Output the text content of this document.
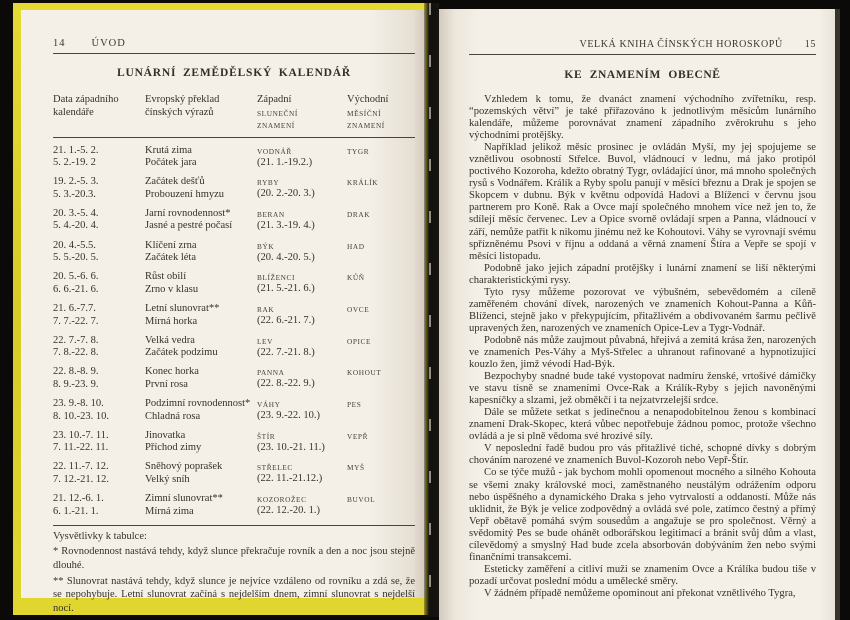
14 ÚVOD
LUNÁRNÍ ZEMĚDĚLSKÝ KALENDÁŘ
Data západního
kalendáře
Evropský překlad
čínských výrazů
Západní
SLUNEČNÍ
ZNAMENÍ
Východní
MĚSÍČNÍ
ZNAMENÍ
21. 1.-5. 2.
5. 2.-19. 2
Krutá zima
Počátek jara
VODNÁŘ
(21. 1.-19.2.)
TYGR
19. 2.-5. 3.
5. 3.-20.3.
Začátek dešťů
Probouzení hmyzu
RYBY
(20. 2.-20. 3.)
KRÁLÍK
20. 3.-5. 4.
5. 4.-20. 4.
Jarní rovnodennost*
Jasné a pestré počasí
BERAN
(21. 3.-19. 4.)
DRAK
20. 4.-5.5.
5. 5.-20. 5.
Klíčení zrna
Začátek léta
BÝK
(20. 4.-20. 5.)
HAD
20. 5.-6. 6.
6. 6.-21. 6.
Růst obilí
Zrno v klasu
BLÍŽENCI
(21. 5.-21. 6.)
KŮŇ
21. 6.-7.7.
7. 7.-22. 7.
Letní slunovrat**
Mírná horka
RAK
(22. 6.-21. 7.)
OVCE
22. 7.-7. 8.
7. 8.-22. 8.
Velká vedra
Začátek podzimu
LEV
(22. 7.-21. 8.)
OPICE
22. 8.-8. 9.
8. 9.-23. 9.
Konec horka
První rosa
PANNA
(22. 8.-22. 9.)
KOHOUT
23. 9.-8. 10.
8. 10.-23. 10.
Podzimní rovnodennost*
Chladná rosa
VÁHY
(23. 9.-22. 10.)
PES
23. 10.-7. 11.
7. 11.-22. 11.
Jinovatka
Příchod zimy
ŠTÍR
(23. 10.-21. 11.)
VEPŘ
22. 11.-7. 12.
7. 12.-21. 12.
Sněhový poprašek
Velký sníh
STŘELEC
(22. 11.-21.12.)
MYŠ
21. 12.-6. 1.
6. 1.-21. 1.
Zimní slunovrat**
Mírná zima
KOZOROŽEC
(22. 12.-20. 1.)
BUVOL
Vysvětlivky k tabulce:

* Rovnodennost nastává tehdy, když slunce překračuje rovník a den a noc jsou stejně dlouhé.

** Slunovrat nastává tehdy, když slunce je nejvíce vzdáleno od rovníku a zdá se, že se nepohybuje. Letní slunovrat začíná s nejdelším dnem, zimní slunovrat s nejdelší nocí.

VELKÁ KNIHA ČÍNSKÝCH HOROSKOPŮ 15
KE ZNAMENÍM OBECNĚ

Vzhledem k tomu, že dvanáct znamení východního zvířetníku, resp. “pozemských větví” je také přiřazováno k jednotlivým měsícům lunárního kalendáře, můžeme porovnávat znamení západního zvěrokruhu s jeho východními protějšky.

Například jelikož měsíc prosinec je ovládán Myší, my jej spojujeme se vznětlivou osobností Střelce. Buvol, vládnoucí v lednu, má jako protipól poctivého Kozoroha, kdežto obratný Tygr, ovládající únor, má mnoho společných rysů s Vodnářem. Králík a Ryby spolu panují v měsíci březnu a Drak je spojen se Skopcem v dubnu. Býk v květnu odpovídá Hadovi a Blíženci v červnu jsou partnerem pro Koně. Rak a Ovce mají společného mnohem více než jen to, že sdílejí měsíc červenec. Lev a Opice svorně ovládají srpen a Panna, vládnoucí v září, nemůže patřit k nikomu jinému než ke Kohoutovi. Váhy se vyrovnají svému spřízněnému Psovi v říjnu a oddaná a věrná znamení Štíra a Vepře se spojí v měsíci listopadu.

Podobně jako jejich západní protějšky i lunární znamení se liší některými charakteristickými rysy.

Tyto rysy můžeme pozorovat ve výbušném, sebevědomém a cíleně zaměřeném chování dívek, narozených ve znameních Kohout-Panna a Kůň-Blíženci, stejně jako v překypujícím, přitažlivém a obdivovaném šarmu pečlivě upravených žen, narozených ve znameních Opice-Lev a Tygr-Vodnář.

Podobně nás může zaujmout půvabná, hřejivá a zemitá krása žen, narozených ve znameních Pes-Váhy a Myš-Střelec a uhranout rafinované a hypnotizující kouzlo žen, jimž vévodí Had-Býk.

Bezpochyby snadné bude také vystopovat nadmíru ženské, vrtošivé dámičky ve stavu tísně se znameními Ovce-Rak a Králík-Ryby s jejich navoněnými kapesníčky a slzami, jež obměkčí i ta nejzatvrzelejší srdce.

Dále se můžete setkat s jedinečnou a nenapodobitelnou ženou s kombinací znamení Drak-Skopec, která vůbec nepotřebuje žádnou pomoc, protože všechno ovládá a je si plně vědoma své hrozivé síly.

V neposlední řadě budou pro vás přitažlivé tiché, schopné dívky s dobrým chováním narozené ve znameních Buvol-Kozoroh nebo Vepř-Štír.

Co se týče mužů - jak bychom mohli opomenout mocného a silného Kohouta se všemi znaky královské moci, zaměstnaného neustálým odrážením odporu nebo úspěšného a dynamického Draka s jeho vytrvalostí a oddaností. Může nás uklidnit, že Býk je velice zodpovědný a ovládá své pole, zatímco čestný a přímý Vepř obětavě pomáhá svým sousedům a angažuje se pro společnost. Věrný a svědomitý Pes se bude ohánět odborářskou legitimací a bránit svůj dům a vlast, cílevědomý a smyslný Had bude zcela absorbován dobýváním žen nebo svými finančními transakcemi.

Esteticky zaměření a citliví muži se znamením Ovce a Králíka budou tiše v pozadí určovat poslední módu a umělecké směry.

V žádném případě nemůžeme opominout ani překonat vznětlivého Tygra,
